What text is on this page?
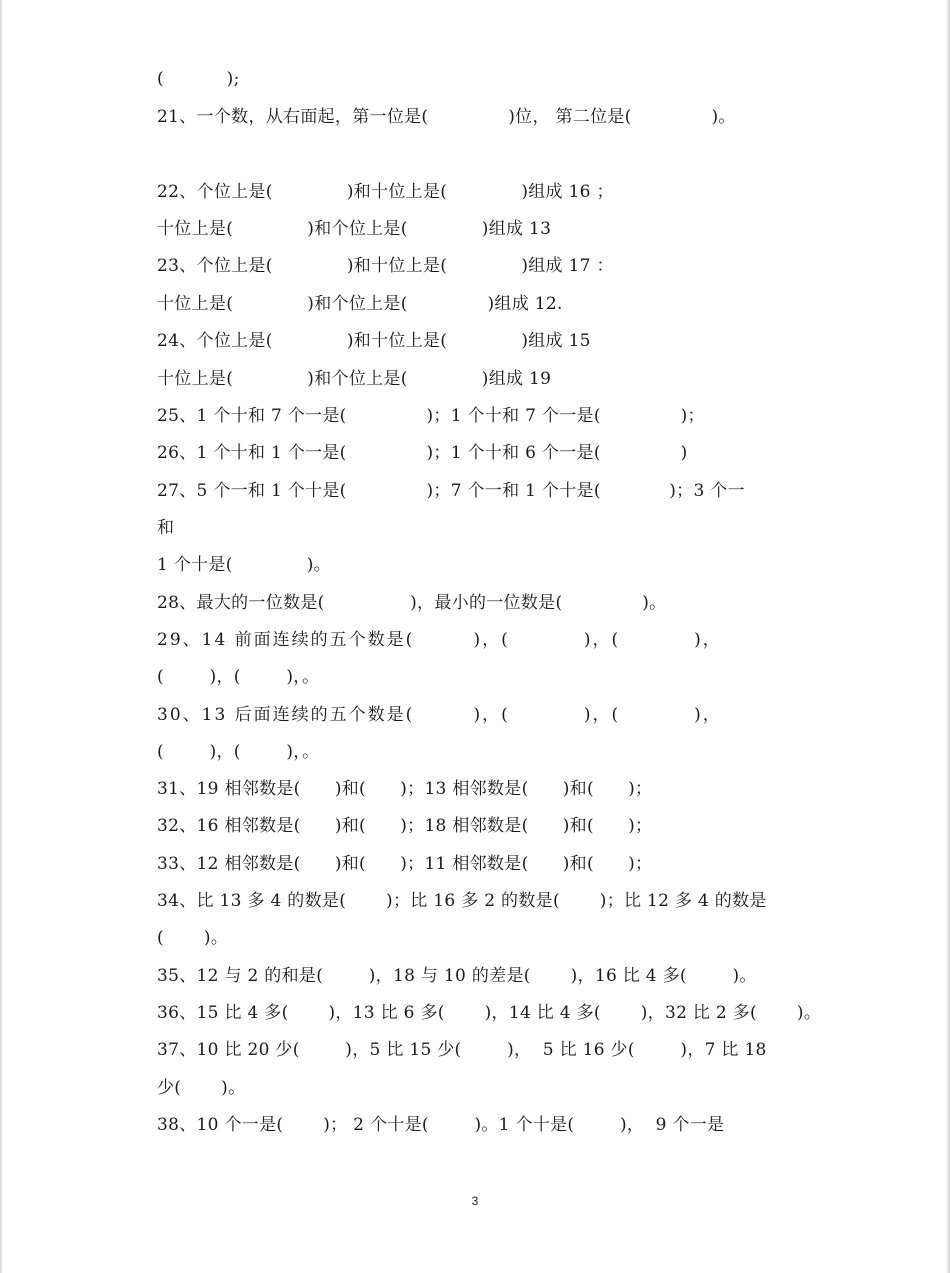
(           );
21、一个数，从右面起，第一位是(              )位， 第二位是(              )。
22、个位上是(             )和十位上是(             )组成 16 ；
十位上是(             )和个位上是(             )组成 13
23、个位上是(             )和十位上是(             )组成 17 ：
十位上是(             )和个位上是(              )组成 12.
24、个位上是(             )和十位上是(             )组成 15
十位上是(             )和个位上是(             )组成 19
25、1 个十和 7 个一是(              )；1 个十和 7 个一是(              )；
26、1 个十和 1 个一是(              )；1 个十和 6 个一是(              )
27、5 个一和 1 个十是(              )；7 个一和 1 个十是(            )；3 个一
和
1 个十是(             )。
28、最大的一位数是(               )，最小的一位数是(              )。
29、14 前面连续的五个数是(        )，(          )，(          )，
(        )，(        )，。
30、13 后面连续的五个数是(        )，(          )，(          )，
(        )，(        )，。
31、19 相邻数是(      )和(      )；13 相邻数是(      )和(      )；
32、16 相邻数是(      )和(      )；18 相邻数是(      )和(      )；
33、12 相邻数是(      )和(      )；11 相邻数是(      )和(      )；
34、比 13 多 4 的数是(       )；比 16 多 2 的数是(       )；比 12 多 4 的数是
(       )。
35、12 与 2 的和是(        )，18 与 10 的差是(       )，16 比 4 多(        )。
36、15 比 4 多(       )，13 比 6 多(       )，14 比 4 多(       )，32 比 2 多(       )。
37、10 比 20 少(        )，5 比 15 少(        )，  5 比 16 少(        )，7 比 18
少(       )。
38、10 个一是(       )； 2 个十是(        )。1 个十是(        )，  9 个一是
3
